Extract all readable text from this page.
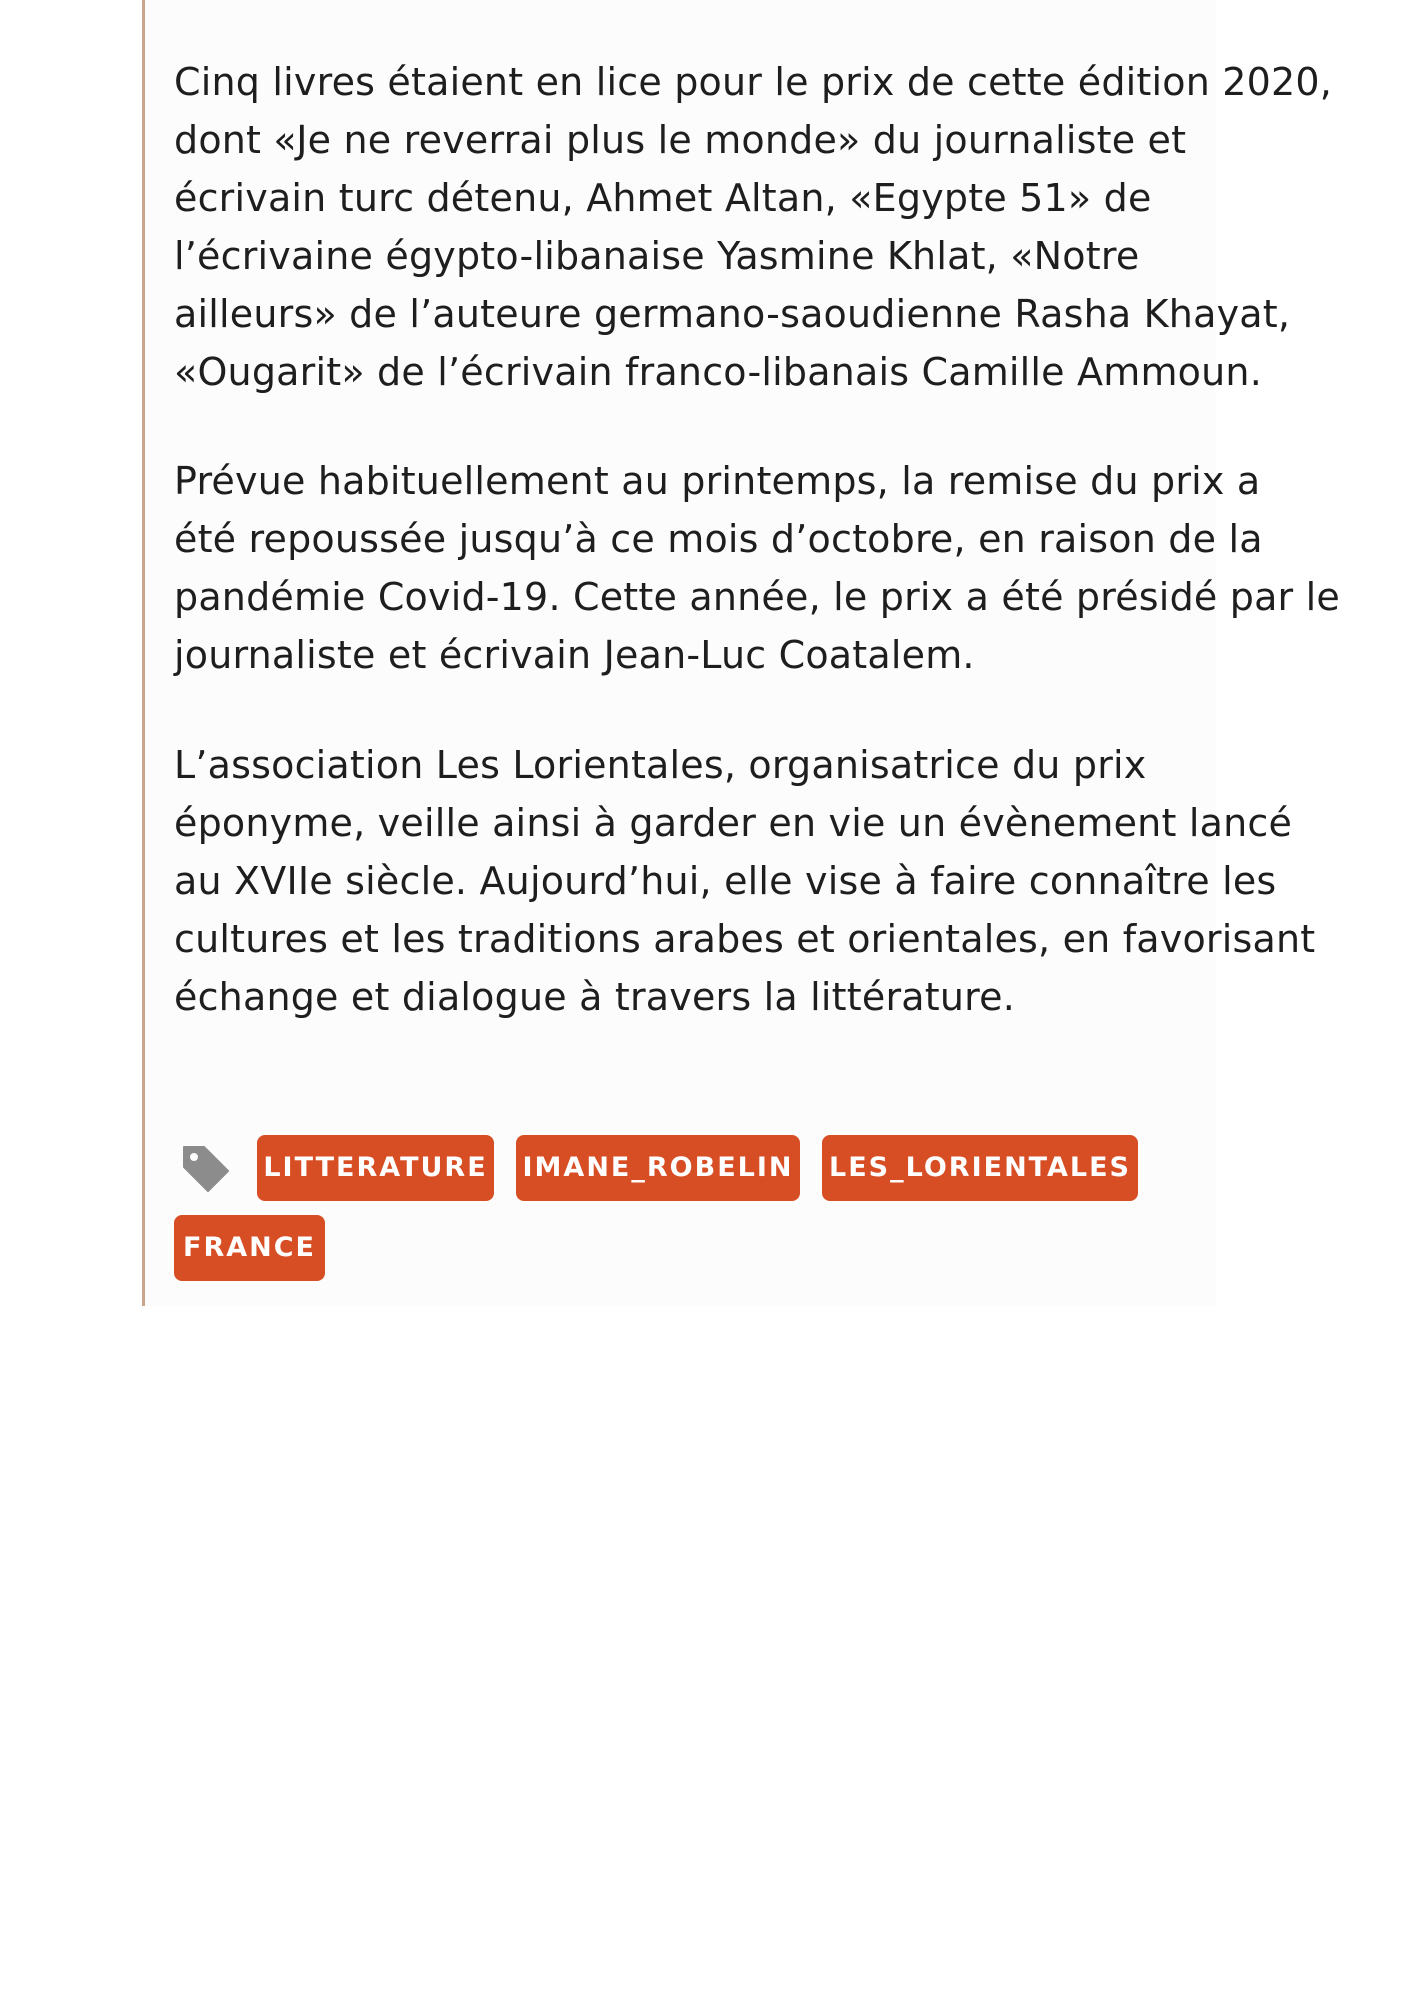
Cinq livres étaient en lice pour le prix de cette édition 2020,
dont «Je ne reverrai plus le monde» du journaliste et
écrivain turc détenu, Ahmet Altan, «Egypte 51» de
l’écrivaine égypto-libanaise Yasmine Khlat, «Notre
ailleurs» de l’auteure germano-saoudienne Rasha Khayat,
«Ougarit» de l’écrivain franco-libanais Camille Ammoun.

Prévue habituellement au printemps, la remise du prix a
été repoussée jusqu’à ce mois d’octobre, en raison de la
pandémie Covid-19. Cette année, le prix a été présidé par le
journaliste et écrivain Jean-Luc Coatalem.

L’association Les Lorientales, organisatrice du prix
éponyme, veille ainsi à garder en vie un évènement lancé
au XVIIe siècle. Aujourd’hui, elle vise à faire connaître les
cultures et les traditions arabes et orientales, en favorisant
échange et dialogue à travers la littérature.

LITTERATURE IMANE_ROBELIN LES_LORIENTALES
FRANCE
